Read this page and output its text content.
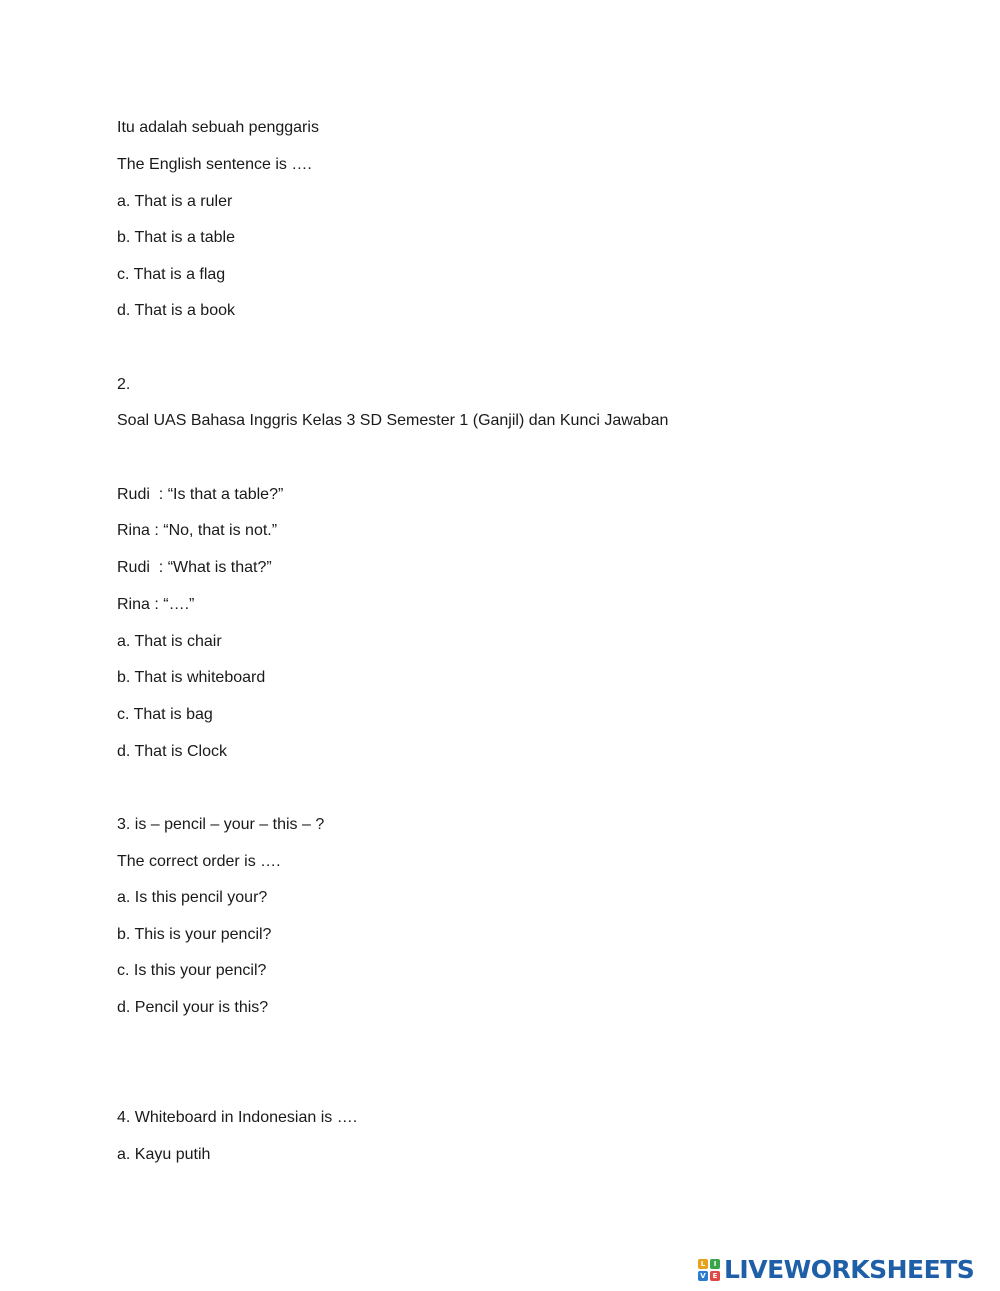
Itu adalah sebuah penggaris
The English sentence is ….
a. That is a ruler
b. That is a table
c. That is a flag
d. That is a book
2.
Soal UAS Bahasa Inggris Kelas 3 SD Semester 1 (Ganjil) dan Kunci Jawaban
Rudi  : “Is that a table?”
Rina : “No, that is not.”
Rudi  : “What is that?”
Rina : “….”
a. That is chair
b. That is whiteboard
c. That is bag
d. That is Clock
3. is – pencil – your – this – ?
The correct order is ….
a. Is this pencil your?
b. This is your pencil?
c. Is this your pencil?
d. Pencil your is this?
4. Whiteboard in Indonesian is ….
a. Kayu putih
L	I
V E LIVEWORKSHEETS
